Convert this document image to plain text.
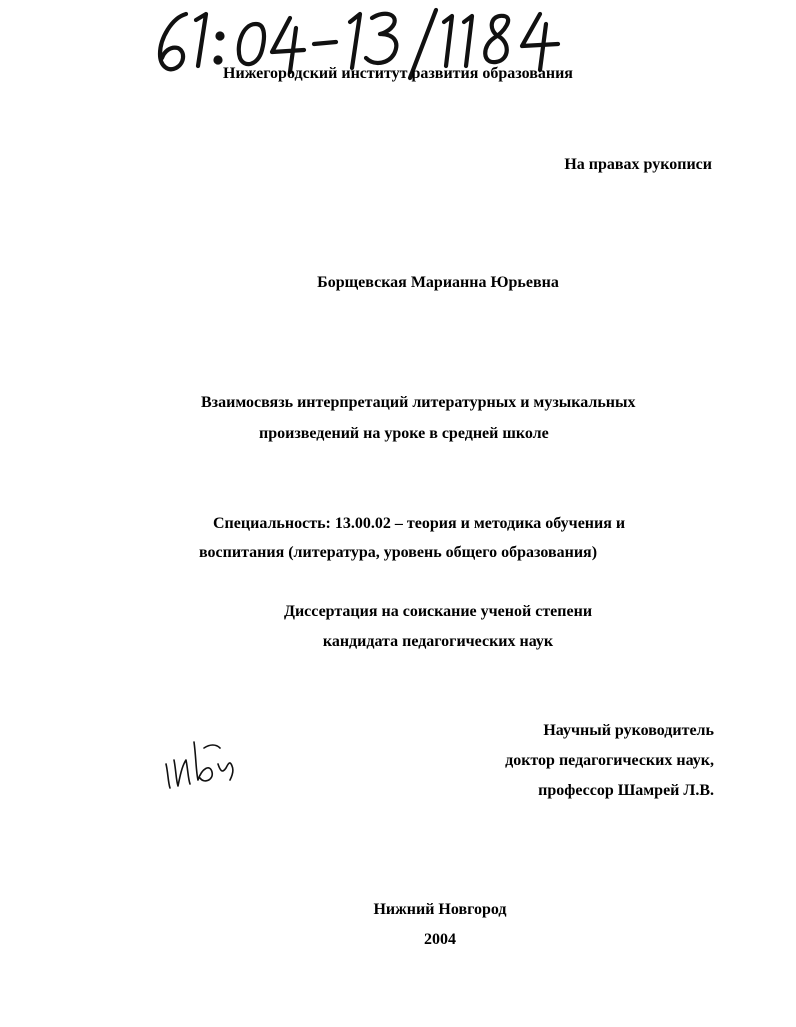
Нижегородский институт развития образования
На правах рукописи
Борщевская Марианна Юрьевна
Взаимосвязь интерпретаций литературных и музыкальных
произведений на уроке в средней школе
Специальность: 13.00.02 – теория и методика обучения и
воспитания (литература, уровень общего образования)
Диссертация на соискание ученой степени
кандидата педагогических наук
Научный руководитель
доктор педагогических наук,
профессор Шамрей Л.В.
Нижний Новгород
2004
